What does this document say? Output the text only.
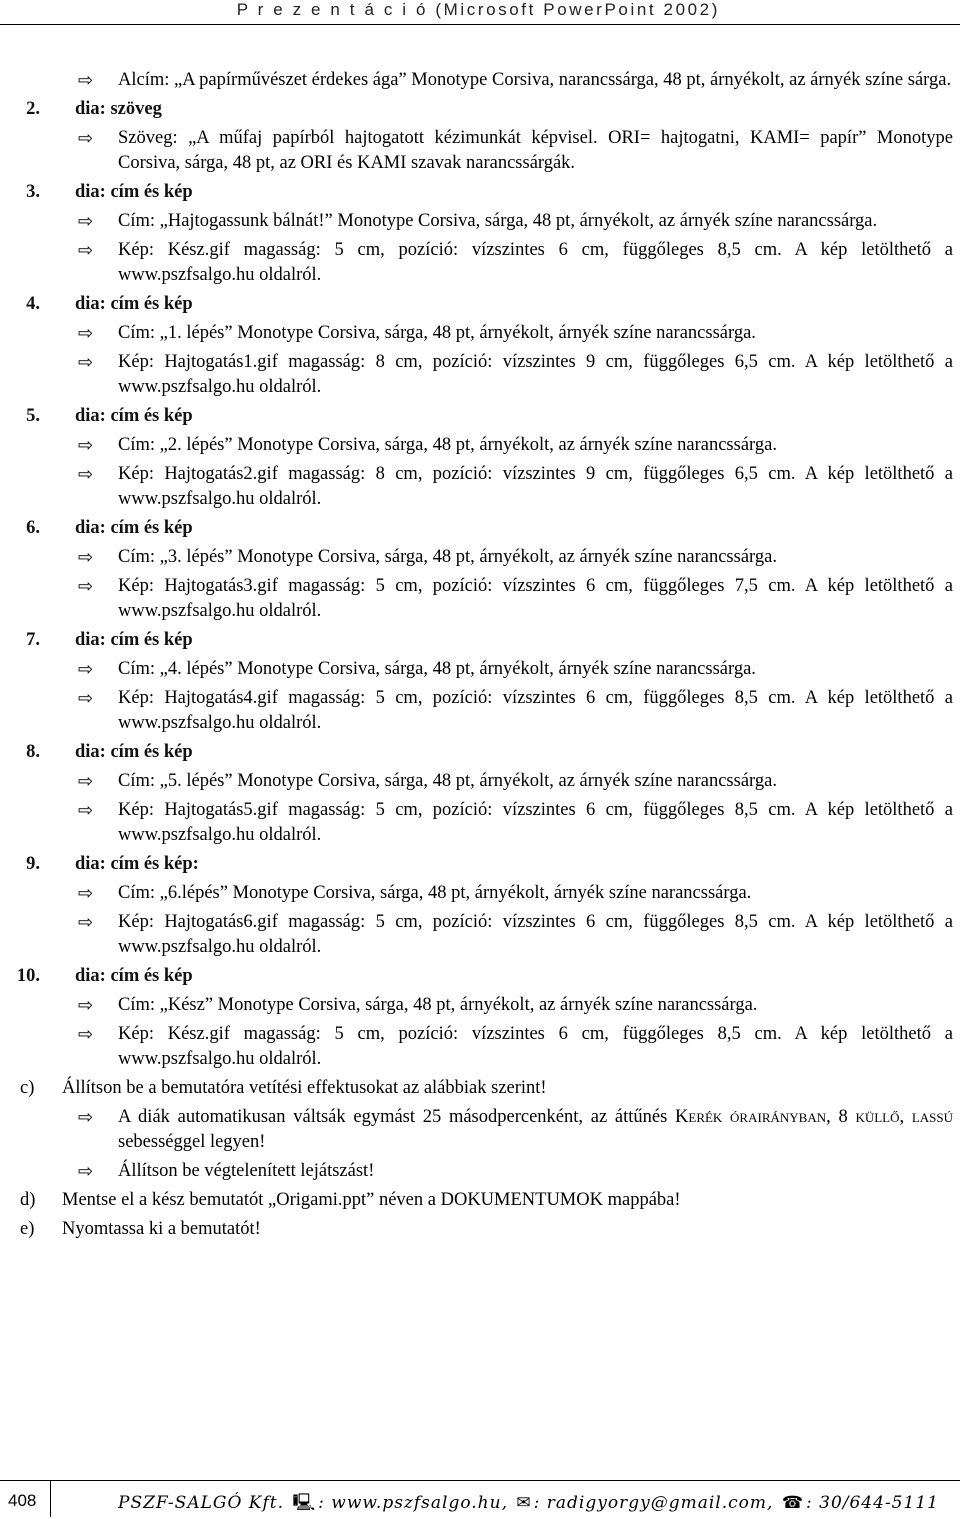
P r e z e n t á c i ó (Microsoft PowerPoint 2002)
⇨ Alcím: „A papírművészet érdekes ága” Monotype Corsiva, narancssárga, 48 pt, árnyékolt, az árnyék színe sárga.
2. dia: szöveg
⇨ Szöveg: „A műfaj papírból hajtogatott kézimunkát képvisel. ORI= hajtogatni, KAMI= papír” Monotype Corsiva, sárga, 48 pt, az ORI és KAMI szavak narancssárgák.
3. dia: cím és kép
⇨ Cím: „Hajtogassunk bálnát!” Monotype Corsiva, sárga, 48 pt, árnyékolt, az árnyék színe narancssárga.
⇨ Kép: Kész.gif magasság: 5 cm, pozíció: vízszintes 6 cm, függőleges 8,5 cm. A kép letölthető a www.pszfsalgo.hu oldalról.
4. dia: cím és kép
⇨ Cím: „1. lépés” Monotype Corsiva, sárga, 48 pt, árnyékolt, árnyék színe narancssárga.
⇨ Kép: Hajtogatás1.gif magasság: 8 cm, pozíció: vízszintes 9 cm, függőleges 6,5 cm. A kép letölthető a www.pszfsalgo.hu oldalról.
5. dia: cím és kép
⇨ Cím: „2. lépés” Monotype Corsiva, sárga, 48 pt, árnyékolt, az árnyék színe narancssárga.
⇨ Kép: Hajtogatás2.gif magasság: 8 cm, pozíció: vízszintes 9 cm, függőleges 6,5 cm. A kép letölthető a www.pszfsalgo.hu oldalról.
6. dia: cím és kép
⇨ Cím: „3. lépés” Monotype Corsiva, sárga, 48 pt, árnyékolt, az árnyék színe narancssárga.
⇨ Kép: Hajtogatás3.gif magasság: 5 cm, pozíció: vízszintes 6 cm, függőleges 7,5 cm. A kép letölthető a www.pszfsalgo.hu oldalról.
7. dia: cím és kép
⇨ Cím: „4. lépés” Monotype Corsiva, sárga, 48 pt, árnyékolt, árnyék színe narancssárga.
⇨ Kép: Hajtogatás4.gif magasság: 5 cm, pozíció: vízszintes 6 cm, függőleges 8,5 cm. A kép letölthető a www.pszfsalgo.hu oldalról.
8. dia: cím és kép
⇨ Cím: „5. lépés” Monotype Corsiva, sárga, 48 pt, árnyékolt, az árnyék színe narancssárga.
⇨ Kép: Hajtogatás5.gif magasság: 5 cm, pozíció: vízszintes 6 cm, függőleges 8,5 cm. A kép letölthető a www.pszfsalgo.hu oldalról.
9. dia: cím és kép:
⇨ Cím: „6.lépés” Monotype Corsiva, sárga, 48 pt, árnyékolt, árnyék színe narancssárga.
⇨ Kép: Hajtogatás6.gif magasság: 5 cm, pozíció: vízszintes 6 cm, függőleges 8,5 cm. A kép letölthető a www.pszfsalgo.hu oldalról.
10. dia: cím és kép
⇨ Cím: „Kész” Monotype Corsiva, sárga, 48 pt, árnyékolt, az árnyék színe narancssárga.
⇨ Kép: Kész.gif magasság: 5 cm, pozíció: vízszintes 6 cm, függőleges 8,5 cm. A kép letölthető a www.pszfsalgo.hu oldalról.
c) Állítson be a bemutatóra vetítési effektusokat az alábbiak szerint!
⇨ A diák automatikusan váltsák egymást 25 másodpercenként, az áttűnés Kerék órairányban, 8 küllő, lassú sebességgel legyen!
⇨ Állítson be végtelenített lejátszást!
d) Mentse el a kész bemutatót „Origami.ppt” néven a DOKUMENTUMOK mappába!
e) Nyomtassa ki a bemutatót!
408	PSZF-SALGÓ Kft. 🖳 : www.pszfsalgo.hu, ✉ : radigyorgy@gmail.com, ☎ : 30/644-5111
